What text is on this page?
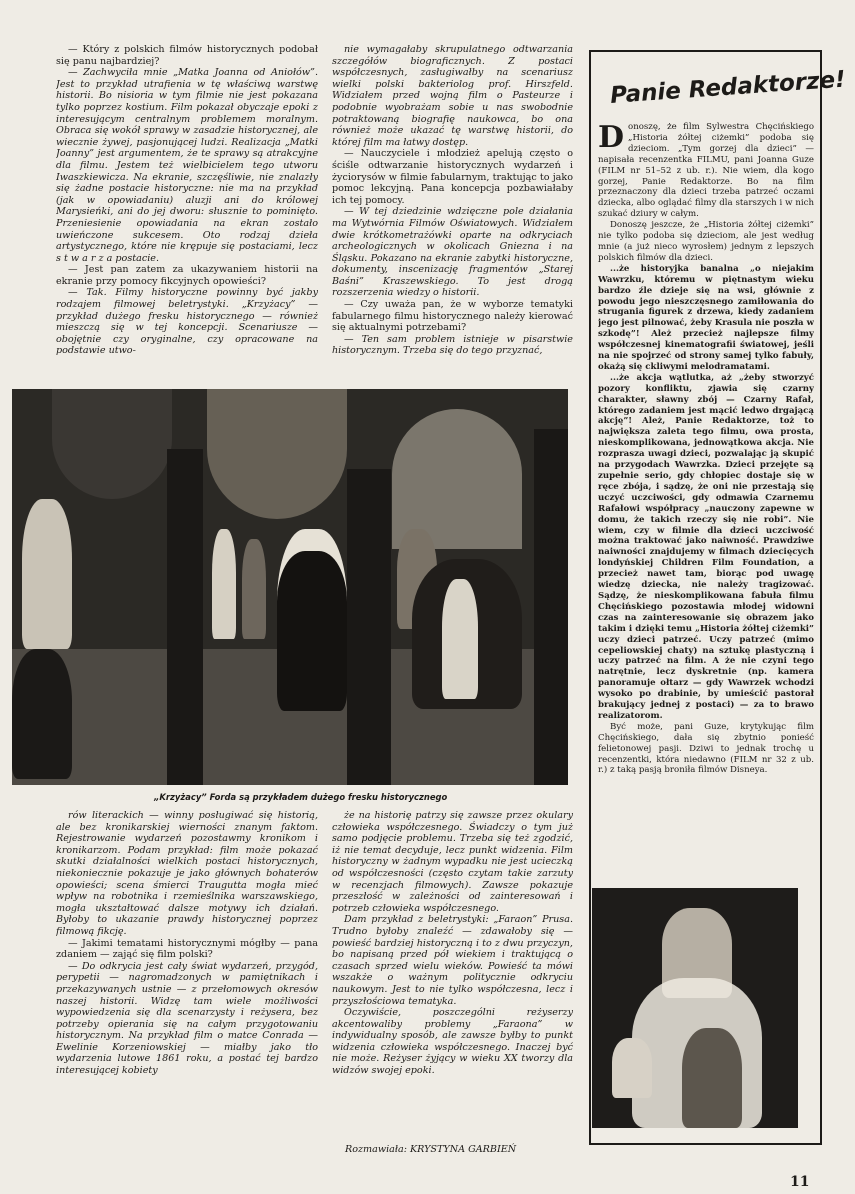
— Który z polskich filmów historycznych podobał się panu najbardziej?

— Zachwyciła mnie „Matka Joanna od Aniołów”. Jest to przykład utrafienia w tę właściwą warstwę historii. Bo nisioria w tym filmie nie jest pokazana tylko poprzez kostium. Film pokazał obyczaje epoki z interesującym centralnym problemem moralnym. Obraca się wokół sprawy w zasadzie historycznej, ale wiecznie żywej, pasjonującej ludzi. Realizacja „Matki Joanny” jest argumentem, że te sprawy są atrakcyjne dla filmu. Jestem też wielbicielem tego utworu Iwaszkiewicza. Na ekranie, szczęśliwie, nie znalazły się żadne postacie historyczne: nie ma na przykład (jak w opowiadaniu) aluzji ani do królowej Marysieńki, ani do jej dworu: słusznie to pominięto. Przeniesienie opowiadania na ekran zostało uwieńczone sukcesem. Oto rodzaj dzieła artystycznego, które nie krępuje się postaciami, lecz s t w a r z a postacie.

— Jest pan zatem za ukazywaniem historii na ekranie przy pomocy fikcyjnych opowieści?

— Tak. Filmy historyczne powinny być jakby rodzajem filmowej beletrystyki. „Krzyżacy” — przykład dużego fresku historycznego — również mieszczą się w tej koncepcji. Scenariusze — obojętnie czy oryginalne, czy opracowane na podstawie utwo-

nie wymagałaby skrupulatnego odtwarzania szczegółów biograficznych. Z postaci współczesnych, zasługiwałby na scenariusz wielki polski bakteriolog prof. Hirszfeld. Widziałem przed wojną film o Pasteurze i podobnie wyobrażam sobie u nas swobodnie potraktowaną biografię naukowca, bo ona również może ukazać tę warstwę historii, do której film ma łatwy dostęp.

— Nauczyciele i młodzież apelują często o ściśle odtwarzanie historycznych wydarzeń i życiorysów w filmie fabularnym, traktując to jako pomoc lekcyjną. Pana koncepcja pozbawiałaby ich tej pomocy.

— W tej dziedzinie wdzięczne pole działania ma Wytwórnia Filmów Oświatowych. Widziałem dwie krótkometrażówki oparte na odkryciach archeologicznych w okolicach Gniezna i na Śląsku. Pokazano na ekranie zabytki historyczne, dokumenty, inscenizację fragmentów „Starej Baśni” Kraszewskiego. To jest drogą rozszerzenia wiedzy o historii.

— Czy uważa pan, że w wyborze tematyki fabularnego filmu historycznego należy kierować się aktualnymi potrzebami?

— Ten sam problem istnieje w pisarstwie historycznym. Trzeba się do tego przyznać,

„Krzyżacy” Forda są przykładem dużego fresku historycznego

rów literackich — winny posługiwać się historią, ale bez kronikarskiej wierności znanym faktom. Rejestrowanie wydarzeń pozostawmy kronikom i kronikarzom. Podam przykład: film może pokazać skutki działalności wielkich postaci historycznych, niekoniecznie pokazuje je jako głównych bohaterów opowieści; scena śmierci Traugutta mogła mieć wpływ na robotnika i rzemieślnika warszawskiego, mogła ukształtować dalsze motywy ich działań. Byłoby to ukazanie prawdy historycznej poprzez filmową fikcję.

— Jakimi tematami historycznymi mógłby — pana zdaniem — zająć się film polski?

— Do odkrycia jest cały świat wydarzeń, przygód, perypetii — nagromadzonych w pamiętnikach i przekazywanych ustnie — z przełomowych okresów naszej historii. Widzę tam wiele możliwości wypowiedzenia się dla scenarzysty i reżysera, bez potrzeby opierania się na całym przygotowaniu historycznym. Na przykład film o matce Conrada — Ewelinie Korzeniowskiej — miałby jako tło wydarzenia lutowe 1861 roku, a postać tej bardzo interesującej kobiety

że na historię patrzy się zawsze przez okulary człowieka współczesnego. Świadczy o tym już samo podjęcie problemu. Trzeba się też zgodzić, iż nie temat decyduje, lecz punkt widzenia. Film historyczny w żadnym wypadku nie jest ucieczką od współczesności (często czytam takie zarzuty w recenzjach filmowych). Zawsze pokazuje przeszłość w zależności od zainteresowań i potrzeb człowieka współczesnego.

Dam przykład z beletrystyki: „Faraon” Prusa. Trudno byłoby znaleźć — zdawałoby się — powieść bardziej historyczną i to z dwu przyczyn, bo napisaną przed pół wiekiem i traktującą o czasach sprzed wielu wieków. Powieść ta mówi wszakże o ważnym politycznie odkryciu naukowym. Jest to nie tylko współczesna, lecz i przyszłościowa tematyka.

Oczywiście, poszczególni reżyserzy akcentowaliby problemy „Faraona” w indywidualny sposób, ale zawsze byłby to punkt widzenia człowieka współczesnego. Inaczej być nie może. Reżyser żyjący w wieku XX tworzy dla widzów swojej epoki.

Rozmawiała: KRYSTYNA GARBIEŃ
Panie Redaktorze!

Donoszę, że film Sylwestra Chęcińskiego „Historia żółtej ciżemki” podoba się dzieciom. „Tym gorzej dla dzieci” — napisała recenzentka FILMU, pani Joanna Guze (FILM nr 51–52 z ub. r.). Nie wiem, dla kogo gorzej, Panie Redaktorze. Bo na film przeznaczony dla dzieci trzeba patrzeć oczami dziecka, albo oglądać filmy dla starszych i w nich szukać dziury w całym.

Donoszę jeszcze, że „Historia żółtej ciżemki” nie tylko podoba się dzieciom, ale jest według mnie (a już nieco wyrosłem) jednym z lepszych polskich filmów dla dzieci.

...że historyjka banalna „o niejakim Wawrzku, któremu w piętnastym wieku bardzo źle dzieje się na wsi, głównie z powodu jego nieszczęsnego zamiłowania do strugania figurek z drzewa, kiedy zadaniem jego jest pilnować, żeby Krasula nie poszła w szkodę”! Ależ przecież najlepsze filmy współczesnej kinematografii światowej, jeśli na nie spojrzeć od strony samej tylko fabuły, okażą się ckliwymi melodramatami.

...że akcja wątlutka, aż „żeby stworzyć pozory konfliktu, zjawia się czarny charakter, sławny zbój — Czarny Rafał, którego zadaniem jest mącić ledwo drgającą akcję”! Ależ, Panie Redaktorze, toż to największa zaleta tego filmu, owa prosta, nieskomplikowana, jednowątkowa akcja. Nie rozprasza uwagi dzieci, pozwalając ją skupić na przygodach Wawrzka. Dzieci przejęte są zupełnie serio, gdy chłopiec dostaje się w ręce zbója, i sądzę, że oni nie przestają się uczyć uczciwości, gdy odmawia Czarnemu Rafałowi współpracy „nauczony zapewne w domu, że takich rzeczy się nie robi”. Nie wiem, czy w filmie dla dzieci uczciwość można traktować jako naiwność. Prawdziwe naiwności znajdujemy w filmach dziecięcych londyńskiej Children Film Foundation, a przecież nawet tam, biorąc pod uwagę wiedzę dziecka, nie należy tragizować. Sądzę, że nieskomplikowana fabuła filmu Chęcińskiego pozostawia młodej widowni czas na zainteresowanie się obrazem jako takim i dzięki temu „Historia żółtej ciżemki” uczy dzieci patrzeć. Uczy patrzeć (mimo cepeliowskiej chaty) na sztukę plastyczną i uczy patrzeć na film. A że nie czyni tego natrętnie, lecz dyskretnie (np. kamera panoramuje ołtarz — gdy Wawrzek wchodzi wysoko po drabinie, by umieścić pastorał brakujący jednej z postaci) — za to brawo realizatorom.

Być może, pani Guze, krytykując film Chęcińskiego, dała się zbytnio ponieść felietonowej pasji. Dziwi to jednak trochę u recenzentki, która niedawno (FILM nr 32 z ub. r.) z taką pasją broniła filmów Disneya.

11
